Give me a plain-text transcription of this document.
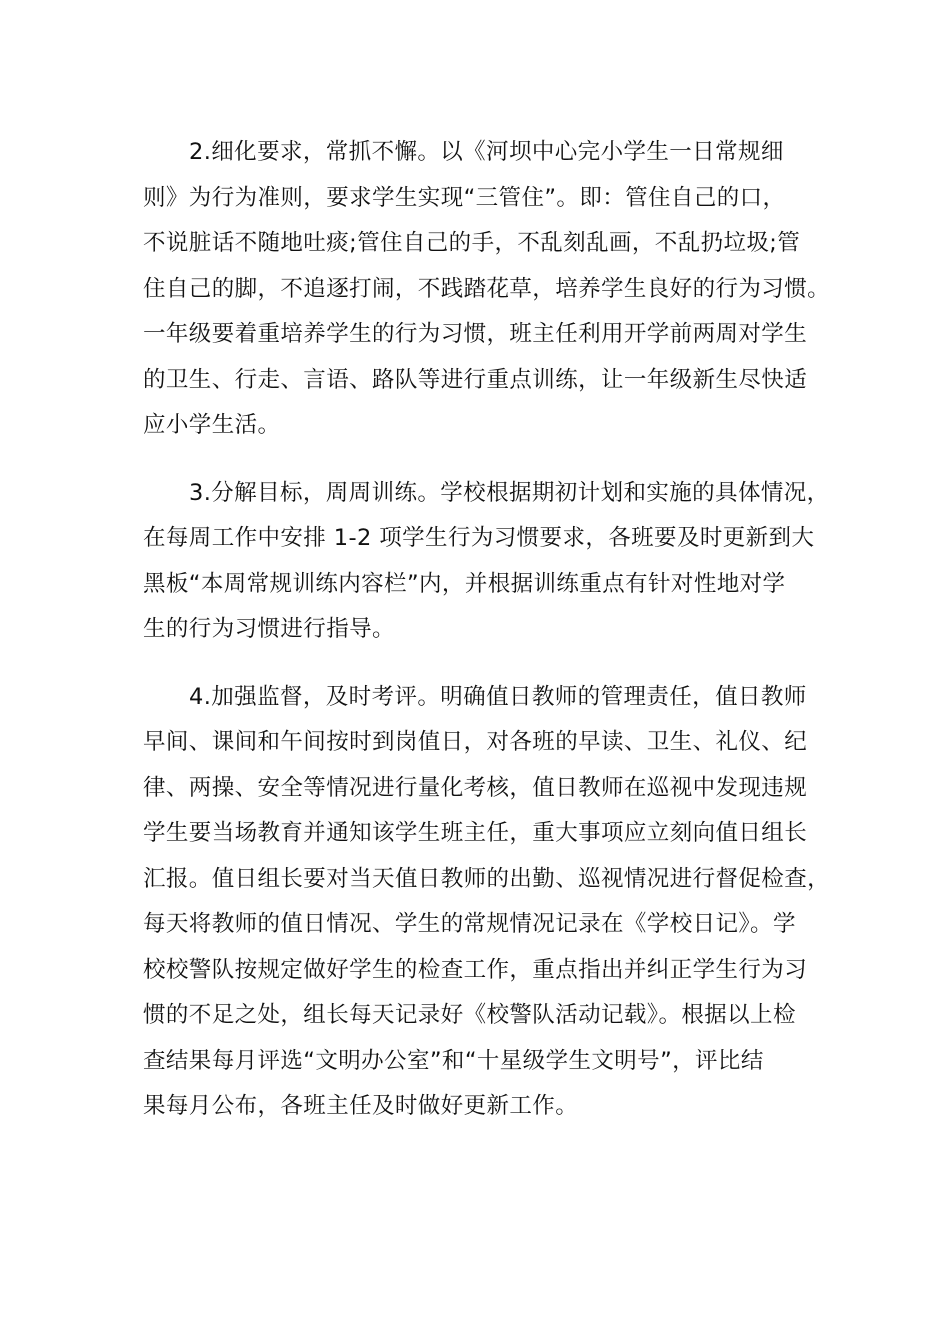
2.细化要求，常抓不懈。以《河坝中心完小学生一日常规细
则》为行为准则，要求学生实现“三管住”。即：管住自己的口，
不说脏话不随地吐痰;管住自己的手，不乱刻乱画，不乱扔垃圾;管
住自己的脚，不追逐打闹，不践踏花草，培养学生良好的行为习惯。
一年级要着重培养学生的行为习惯，班主任利用开学前两周对学生
的卫生、行走、言语、路队等进行重点训练，让一年级新生尽快适
应小学生活。
3.分解目标，周周训练。学校根据期初计划和实施的具体情况，
在每周工作中安排 1-2 项学生行为习惯要求，各班要及时更新到大
黑板“本周常规训练内容栏”内，并根据训练重点有针对性地对学
生的行为习惯进行指导。
4.加强监督，及时考评。明确值日教师的管理责任，值日教师
早间、课间和午间按时到岗值日，对各班的早读、卫生、礼仪、纪
律、两操、安全等情况进行量化考核，值日教师在巡视中发现违规
学生要当场教育并通知该学生班主任，重大事项应立刻向值日组长
汇报。值日组长要对当天值日教师的出勤、巡视情况进行督促检查，
每天将教师的值日情况、学生的常规情况记录在《学校日记》。学
校校警队按规定做好学生的检查工作，重点指出并纠正学生行为习
惯的不足之处，组长每天记录好《校警队活动记载》。根据以上检
查结果每月评选“文明办公室”和“十星级学生文明号”，评比结
果每月公布，各班主任及时做好更新工作。
